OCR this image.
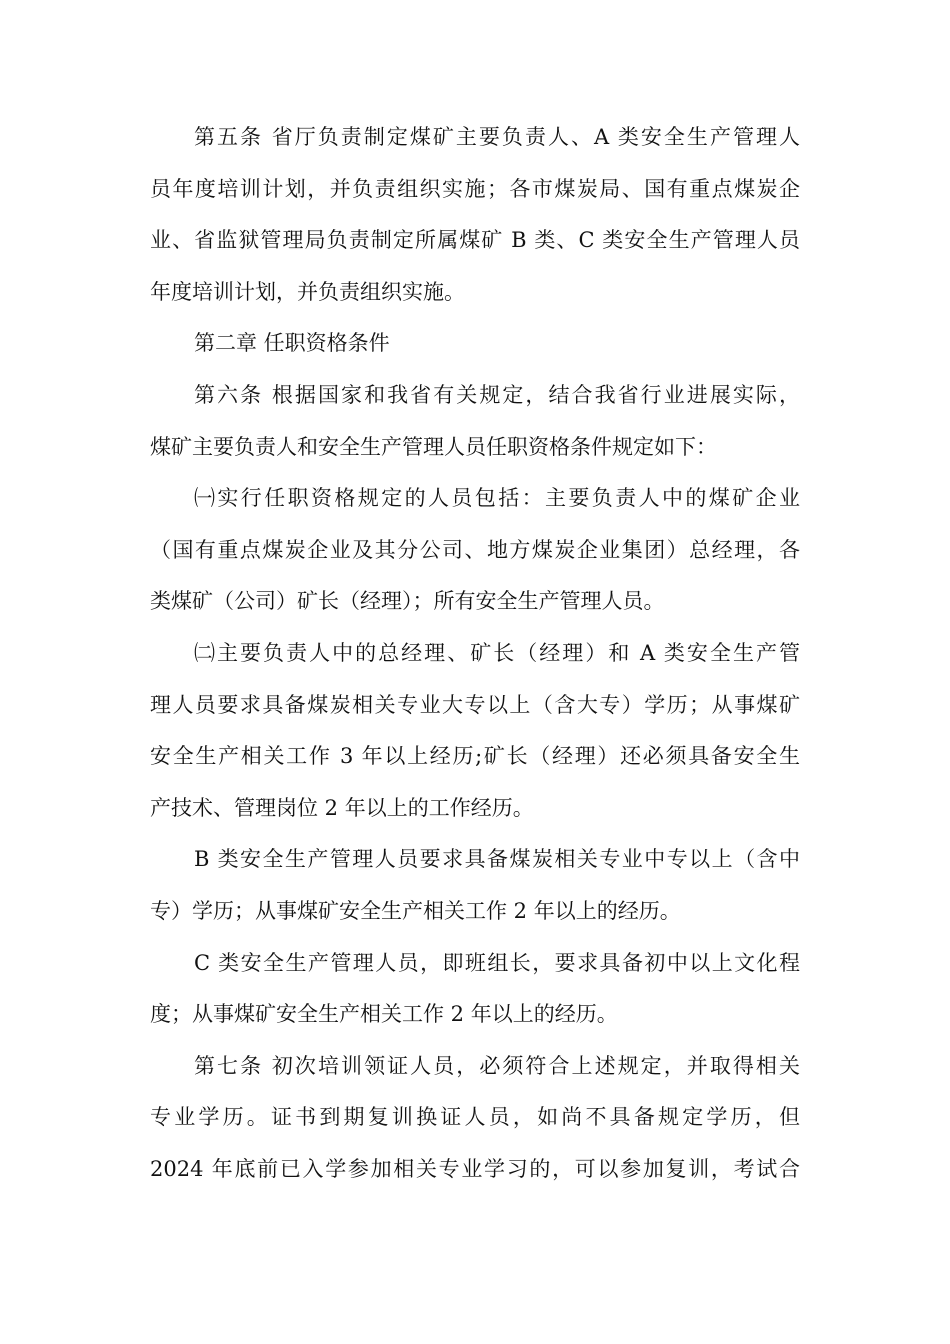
第五条 省厅负责制定煤矿主要负责人、A 类安全生产管理人
员年度培训计划，并负责组织实施；各市煤炭局、国有重点煤炭企
业、省监狱管理局负责制定所属煤矿 B 类、C 类安全生产管理人员
年度培训计划，并负责组织实施。
第二章 任职资格条件
第六条 根据国家和我省有关规定，结合我省行业进展实际，
煤矿主要负责人和安全生产管理人员任职资格条件规定如下：
㈠实行任职资格规定的人员包括：主要负责人中的煤矿企业
（国有重点煤炭企业及其分公司、地方煤炭企业集团）总经理，各
类煤矿（公司）矿长（经理）；所有安全生产管理人员。
㈡主要负责人中的总经理、矿长（经理）和 A 类安全生产管
理人员要求具备煤炭相关专业大专以上（含大专）学历；从事煤矿
安全生产相关工作 3 年以上经历;矿长（经理）还必须具备安全生
产技术、管理岗位 2 年以上的工作经历。
B 类安全生产管理人员要求具备煤炭相关专业中专以上（含中
专）学历；从事煤矿安全生产相关工作 2 年以上的经历。
C 类安全生产管理人员，即班组长，要求具备初中以上文化程
度；从事煤矿安全生产相关工作 2 年以上的经历。
第七条 初次培训领证人员，必须符合上述规定，并取得相关
专业学历。证书到期复训换证人员，如尚不具备规定学历，但
2024 年底前已入学参加相关专业学习的，可以参加复训，考试合
